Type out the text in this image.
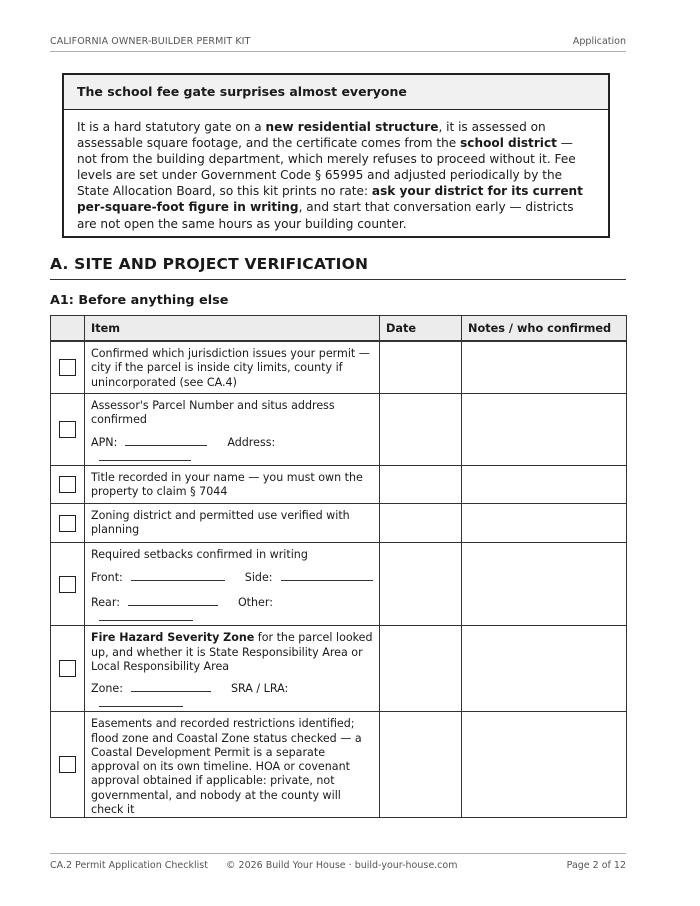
CALIFORNIA OWNER-BUILDER PERMIT KIT	Application
The school fee gate surprises almost everyone
It is a hard statutory gate on a new residential structure, it is assessed on assessable square footage, and the certificate comes from the school district — not from the building department, which merely refuses to proceed without it. Fee levels are set under Government Code § 65995 and adjusted periodically by the State Allocation Board, so this kit prints no rate: ask your district for its current per-square-foot figure in writing, and start that conversation early — districts are not open the same hours as your building counter.
A. SITE AND PROJECT VERIFICATION
A1: Before anything else
	Item	Date	Notes / who confirmed

	Confirmed which jurisdiction issues your permit — city if the parcel is inside city limits, county if unincorporated (see CA.4)		

	Assessor's Parcel Number and situs address confirmed
APN: Address:		

	Title recorded in your name — you must own the property to claim § 7044		

	Zoning district and permitted use verified with planning		

	Required setbacks confirmed in writing
Front: Side:
Rear: Other:		

	Fire Hazard Severity Zone for the parcel looked up, and whether it is State Responsibility Area or Local Responsibility Area
Zone: SRA / LRA:		

	Easements and recorded restrictions identified; flood zone and Coastal Zone status checked — a Coastal Development Permit is a separate approval on its own timeline. HOA or covenant approval obtained if applicable: private, not governmental, and nobody at the county will check it		

CA.2 Permit Application Checklist © 2026 Build Your House · build-your-house.com	Page 2 of 12
